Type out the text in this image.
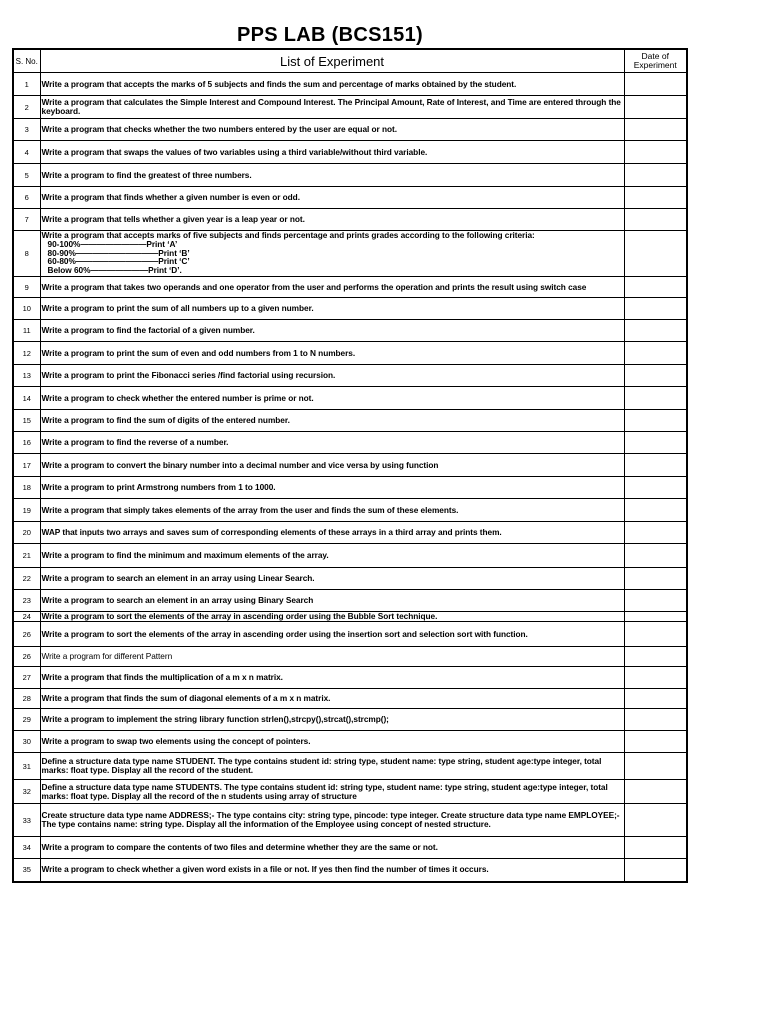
PPS LAB (BCS151)
S. No.	List of Experiment	Date of
Experiment
1	Write a program that accepts the marks of 5 subjects and finds the sum and percentage of marks obtained by the student.	
2	Write a program that calculates the Simple Interest and Compound Interest. The Principal Amount, Rate of Interest, and Time are entered through the keyboard.	
3	Write a program that checks whether the two numbers entered by the user are equal or not.	
4	Write a program that swaps the values of two variables using a third variable/without third variable.	
5	Write a program to find the greatest of three numbers.	
6	Write a program that finds whether a given number is even or odd.	
7	Write a program that tells whether a given year is a leap year or not.	
8	Write a program that accepts marks of five subjects and finds percentage and prints grades according to the following criteria:
90-100%————————Print ‘A’
80-90%——————————Print ‘B’
60-80%——————————Print ‘C’
Below 60%———————Print ‘D’.	

9	Write a program that takes two operands and one operator from the user and performs the operation and prints the result using switch case	
10	Write a program to print the sum of all numbers up to a given number.	
11	Write a program to find the factorial of a given number.	
12	Write a program to print the sum of even and odd numbers from 1 to N numbers.	
13	Write a program to print the Fibonacci series /find factorial using recursion.	
14	Write a program to check whether the entered number is prime or not.	
15	Write a program to find the sum of digits of the entered number.	
16	Write a program to find the reverse of a number.	
17	Write a program to convert the binary number into a decimal number and vice versa by using function	
18	Write a program to print Armstrong numbers from 1 to 1000.	
19	Write a program that simply takes elements of the array from the user and finds the sum of these elements.	
20	WAP that inputs two arrays and saves sum of corresponding elements of these arrays in a third array and prints them.	
21	Write a program to find the minimum and maximum elements of the array.	
22	Write a program to search an element in an array using Linear Search.	
23	Write a program to search an element in an array using Binary Search	
24	Write a program to sort the elements of the array in ascending order using the Bubble Sort technique.	
26	Write a program to sort the elements of the array in ascending order using the insertion sort and selection sort with function.	
26	Write a program for different Pattern	
27	Write a program that finds the multiplication of a m x n matrix.	
28	Write a program that finds the sum of diagonal elements of a m x n matrix.	
29	Write a program to implement the string library function strlen(),strcpy(),strcat(),strcmp();	
30	Write a program to swap two elements using the concept of pointers.	
31	Define a structure data type name STUDENT. The type contains student id: string type, student name: type string, student age:type integer, total marks: float type. Display all the record of the student.	
32	Define a structure data type name STUDENTS. The type contains student id: string type, student name: type string, student age:type integer, total marks: float type. Display all the record of the n students using array of structure	
33	Create structure data type name ADDRESS;- The type contains city: string type, pincode: type integer. Create structure data type name EMPLOYEE;- The type contains name: string type. Display all the information of the Employee using concept of nested structure.	
34	Write a program to compare the contents of two files and determine whether they are the same or not.	
35	Write a program to check whether a given word exists in a file or not. If yes then find the number of times it occurs.	
